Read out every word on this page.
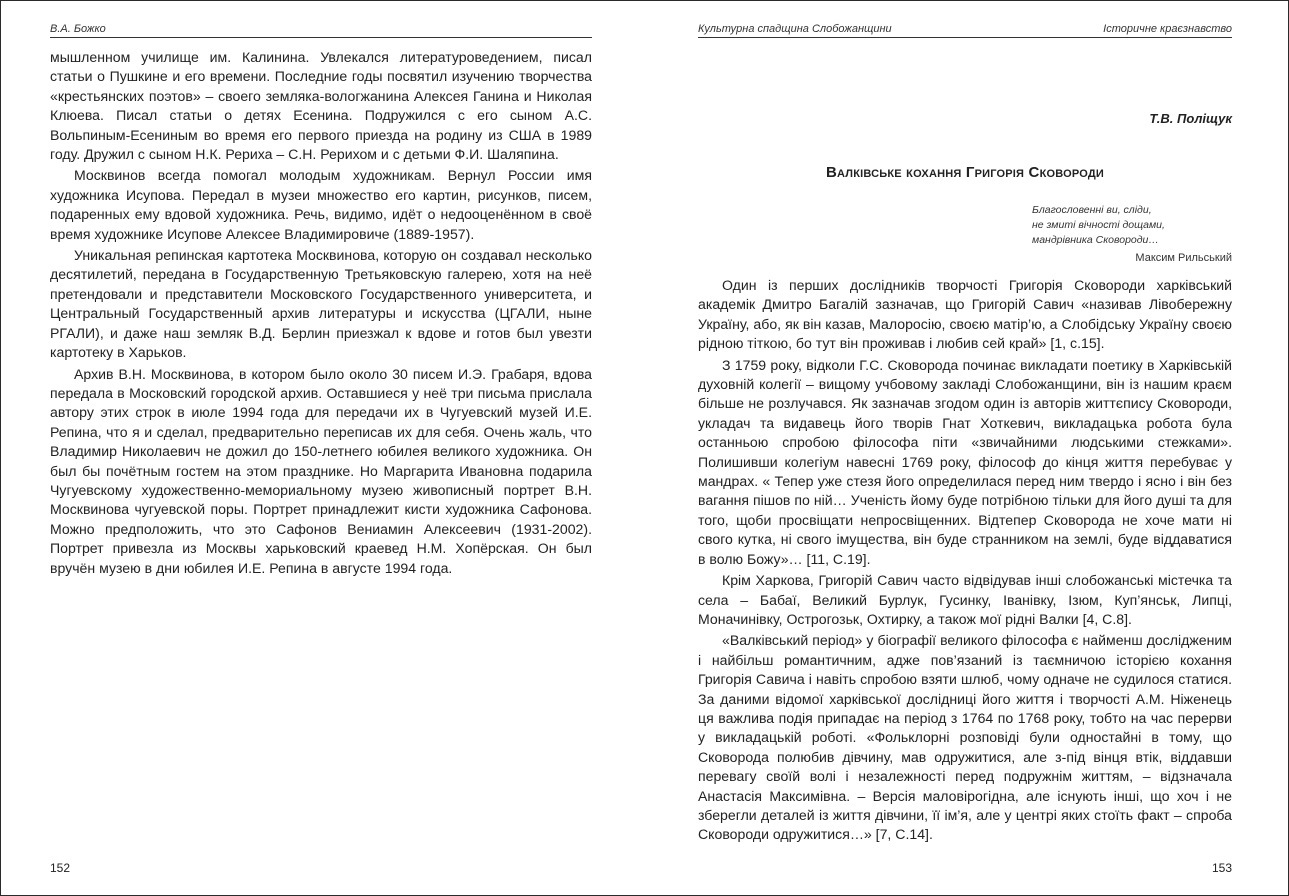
В.А. Божко

мышленном училище им. Калинина. Увлекался литературоведением, писал статьи о Пушкине и его времени. Последние годы посвятил изучению творчества «крестьянских поэтов» – своего земляка-вологжанина Алексея Ганина и Николая Клюева. Писал статьи о детях Есенина. Подружился с его сыном А.С. Вольпиным-Есениным во время его первого приезда на родину из США в 1989 году. Дружил с сыном Н.К. Рериха – С.Н. Рерихом и с детьми Ф.И. Шаляпина.

Москвинов всегда помогал молодым художникам. Вернул России имя художника Исупова. Передал в музеи множество его картин, рисунков, писем, подаренных ему вдовой художника. Речь, видимо, идёт о недооценённом в своё время художнике Исупове Алексее Владимировиче (1889-1957).

Уникальная репинская картотека Москвинова, которую он создавал несколько десятилетий, передана в Государственную Третьяковскую галерею, хотя на неё претендовали и представители Московского Государственного университета, и Центральный Государственный архив литературы и искусства (ЦГАЛИ, ныне РГАЛИ), и даже наш земляк В.Д. Берлин приезжал к вдове и готов был увезти картотеку в Харьков.

Архив В.Н. Москвинова, в котором было около 30 писем И.Э. Грабаря, вдова передала в Московский городской архив. Оставшиеся у неё три письма прислала автору этих строк в июле 1994 года для передачи их в Чугуевский музей И.Е. Репина, что я и сделал, предварительно переписав их для себя. Очень жаль, что Владимир Николаевич не дожил до 150-летнего юбилея великого художника. Он был бы почётным гостем на этом празднике. Но Маргарита Ивановна подарила Чугуевскому художественно-мемориальному музею живописный портрет В.Н. Москвинова чугуевской поры. Портрет принадлежит кисти художника Сафонова. Можно предположить, что это Сафонов Вениамин Алексеевич (1931-2002). Портрет привезла из Москвы харьковский краевед Н.М. Хопёрская. Он был вручён музею в дни юбилея И.Е. Репина в августе 1994 года.

152
Культурна спадщина Слобожанщини	Історичне краєзнавство
Т.В. Поліщук
Валківське кохання Григорія Сковороди
Благословенні ви, сліди,
не змиті вічності дощами,
мандрівника Сковороди…
Максим Рильський

Один із перших дослідників творчості Григорія Сковороди харківський академік Дмитро Багалій зазначав, що Григорій Савич «називав Лівобережну Україну, або, як він казав, Малоросію, своєю матір’ю, а Слобідську Україну своєю рідною тіткою, бо тут він проживав і любив сей край» [1, с.15].

З 1759 року, відколи Г.С. Сковорода починає викладати поетику в Харківській духовній колегії – вищому учбовому закладі Слобожанщини, він із нашим краєм більше не розлучався. Як зазначав згодом один із авторів життєпису Сковороди, укладач та видавець його творів Гнат Хоткевич, викладацька робота була останньою спробою філософа піти «звичайними людськими стежками». Полишивши колегіум навесні 1769 року, філософ до кінця життя перебуває у мандрах. « Тепер уже стезя його определилася перед ним твердо і ясно і він без вагання пішов по ній… Ученість йому буде потрібною тільки для його душі та для того, щоби просвіщати непросвіщенних. Відтепер Сковорода не хоче мати ні свого кутка, ні свого імущества, він буде странником на землі, буде віддаватися в волю Божу»… [11, С.19].

Крім Харкова, Григорій Савич часто відвідував інші слобожанські містечка та села – Бабаї, Великий Бурлук, Гусинку, Іванівку, Ізюм, Куп’янськ, Липці, Моначинівку, Острогозьк, Охтирку, а також мої рідні Валки [4, С.8].

«Валківський період» у біографії великого філософа є найменш дослідженим і найбільш романтичним, адже пов’язаний із таємничою історією кохання Григорія Савича і навіть спробою взяти шлюб, чому одначе не судилося статися. За даними відомої харківської дослідниці його життя і творчості А.М. Ніженець ця важлива подія припадає на період з 1764 по 1768 року, тобто на час перерви у викладацькій роботі. «Фольклорні розповіді були одностайні в тому, що Сковорода полюбив дівчину, мав одружитися, але з-під вінця втік, віддавши перевагу своїй волі і незалежності перед подружнім життям, – відзначала Анастасія Максимівна. – Версія маловірогідна, але існують інші, що хоч і не зберегли деталей із життя дівчини, її ім’я, але у центрі яких стоїть факт – спроба Сковороди одружитися…» [7, С.14].

153
